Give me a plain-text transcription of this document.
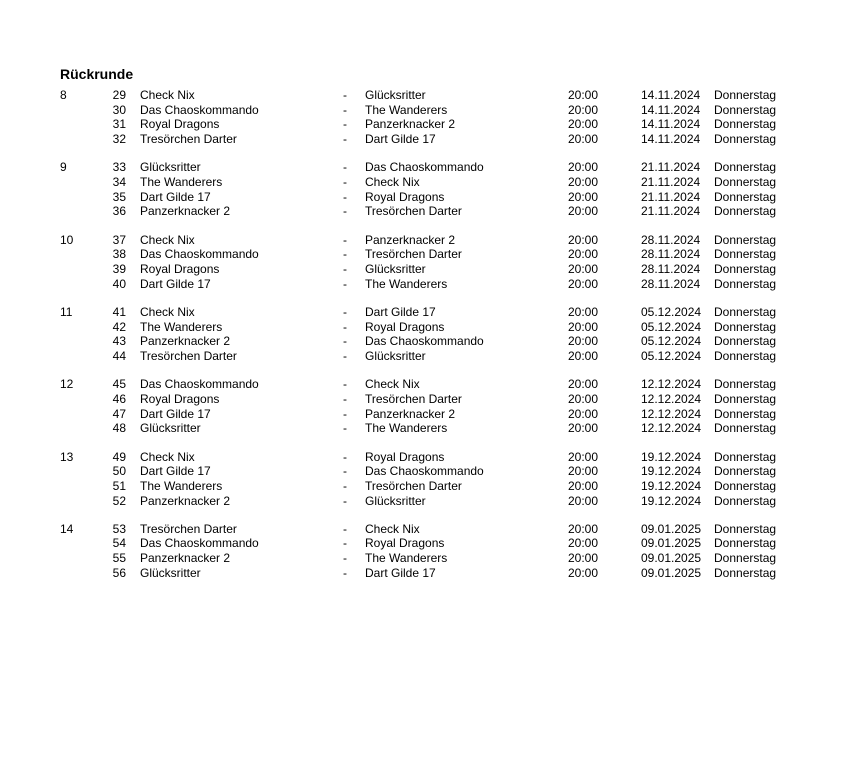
Rückrunde
8	29 Check Nix	- Glücksritter	20:00	14.11.2024 Donnerstag
30 Das Chaoskommando	- The Wanderers	20:00	14.11.2024 Donnerstag
31 Royal Dragons	- Panzerknacker 2	20:00	14.11.2024 Donnerstag
32 Tresörchen Darter	- Dart Gilde 17	20:00	14.11.2024 Donnerstag
9	33 Glücksritter	- Das Chaoskommando	20:00	21.11.2024 Donnerstag
34 The Wanderers	- Check Nix	20:00	21.11.2024 Donnerstag
35 Dart Gilde 17	- Royal Dragons	20:00	21.11.2024 Donnerstag
36 Panzerknacker 2	- Tresörchen Darter	20:00	21.11.2024 Donnerstag
10	37 Check Nix	- Panzerknacker 2	20:00	28.11.2024 Donnerstag
38 Das Chaoskommando	- Tresörchen Darter	20:00	28.11.2024 Donnerstag
39 Royal Dragons	- Glücksritter	20:00	28.11.2024 Donnerstag
40 Dart Gilde 17	- The Wanderers	20:00	28.11.2024 Donnerstag
11	41 Check Nix	- Dart Gilde 17	20:00	05.12.2024 Donnerstag
42 The Wanderers	- Royal Dragons	20:00	05.12.2024 Donnerstag
43 Panzerknacker 2	- Das Chaoskommando	20:00	05.12.2024 Donnerstag
44 Tresörchen Darter	- Glücksritter	20:00	05.12.2024 Donnerstag
12	45 Das Chaoskommando	- Check Nix	20:00	12.12.2024 Donnerstag
46 Royal Dragons	- Tresörchen Darter	20:00	12.12.2024 Donnerstag
47 Dart Gilde 17	- Panzerknacker 2	20:00	12.12.2024 Donnerstag
48 Glücksritter	- The Wanderers	20:00	12.12.2024 Donnerstag
13	49 Check Nix	- Royal Dragons	20:00	19.12.2024 Donnerstag
50 Dart Gilde 17	- Das Chaoskommando	20:00	19.12.2024 Donnerstag
51 The Wanderers	- Tresörchen Darter	20:00	19.12.2024 Donnerstag
52 Panzerknacker 2	- Glücksritter	20:00	19.12.2024 Donnerstag
14	53 Tresörchen Darter	- Check Nix	20:00	09.01.2025 Donnerstag
54 Das Chaoskommando	- Royal Dragons	20:00	09.01.2025 Donnerstag
55 Panzerknacker 2	- The Wanderers	20:00	09.01.2025 Donnerstag
56 Glücksritter	- Dart Gilde 17	20:00	09.01.2025 Donnerstag
